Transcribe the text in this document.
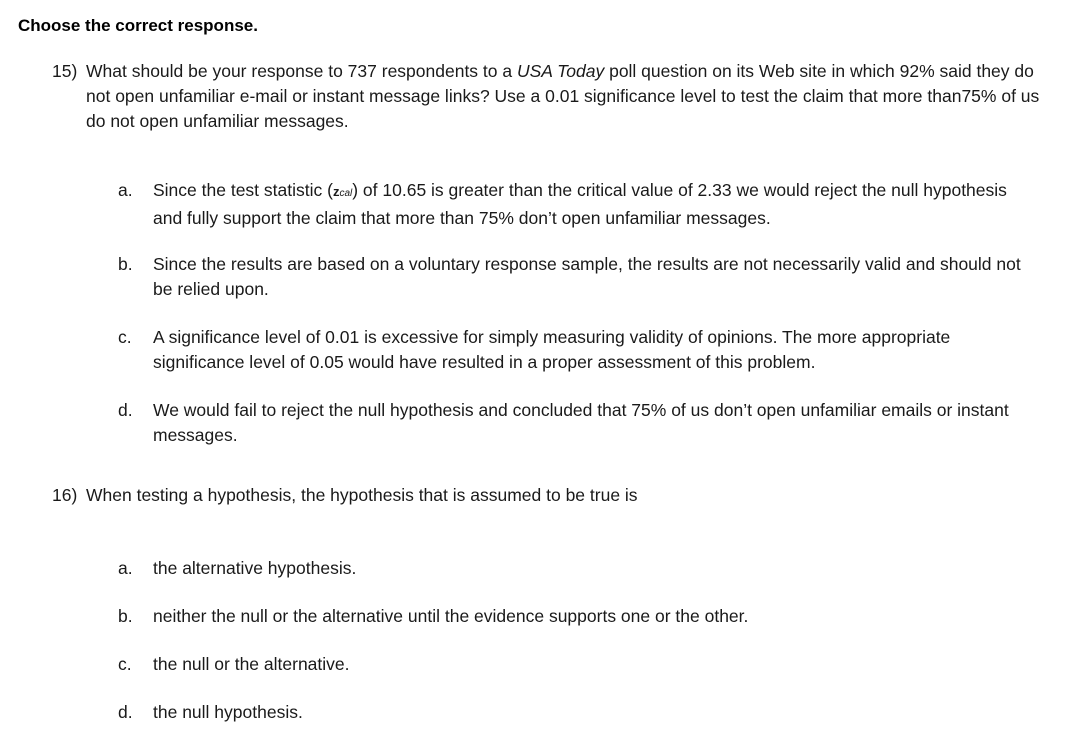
Choose the correct response.
15) What should be your response to 737 respondents to a USA Today poll question on its Web site in which 92% said they do not open unfamiliar e-mail or instant message links? Use a 0.01 significance level to test the claim that more than75% of us do not open unfamiliar messages.
a. Since the test statistic (zcal) of 10.65 is greater than the critical value of 2.33 we would reject the null hypothesis and fully support the claim that more than 75% don’t open unfamiliar messages.
b. Since the results are based on a voluntary response sample, the results are not necessarily valid and should not be relied upon.
c. A significance level of 0.01 is excessive for simply measuring validity of opinions. The more appropriate significance level of 0.05 would have resulted in a proper assessment of this problem.
d. We would fail to reject the null hypothesis and concluded that 75% of us don’t open unfamiliar emails or instant messages.
16) When testing a hypothesis, the hypothesis that is assumed to be true is
a. the alternative hypothesis.
b. neither the null or the alternative until the evidence supports one or the other.
c. the null or the alternative.
d. the null hypothesis.
